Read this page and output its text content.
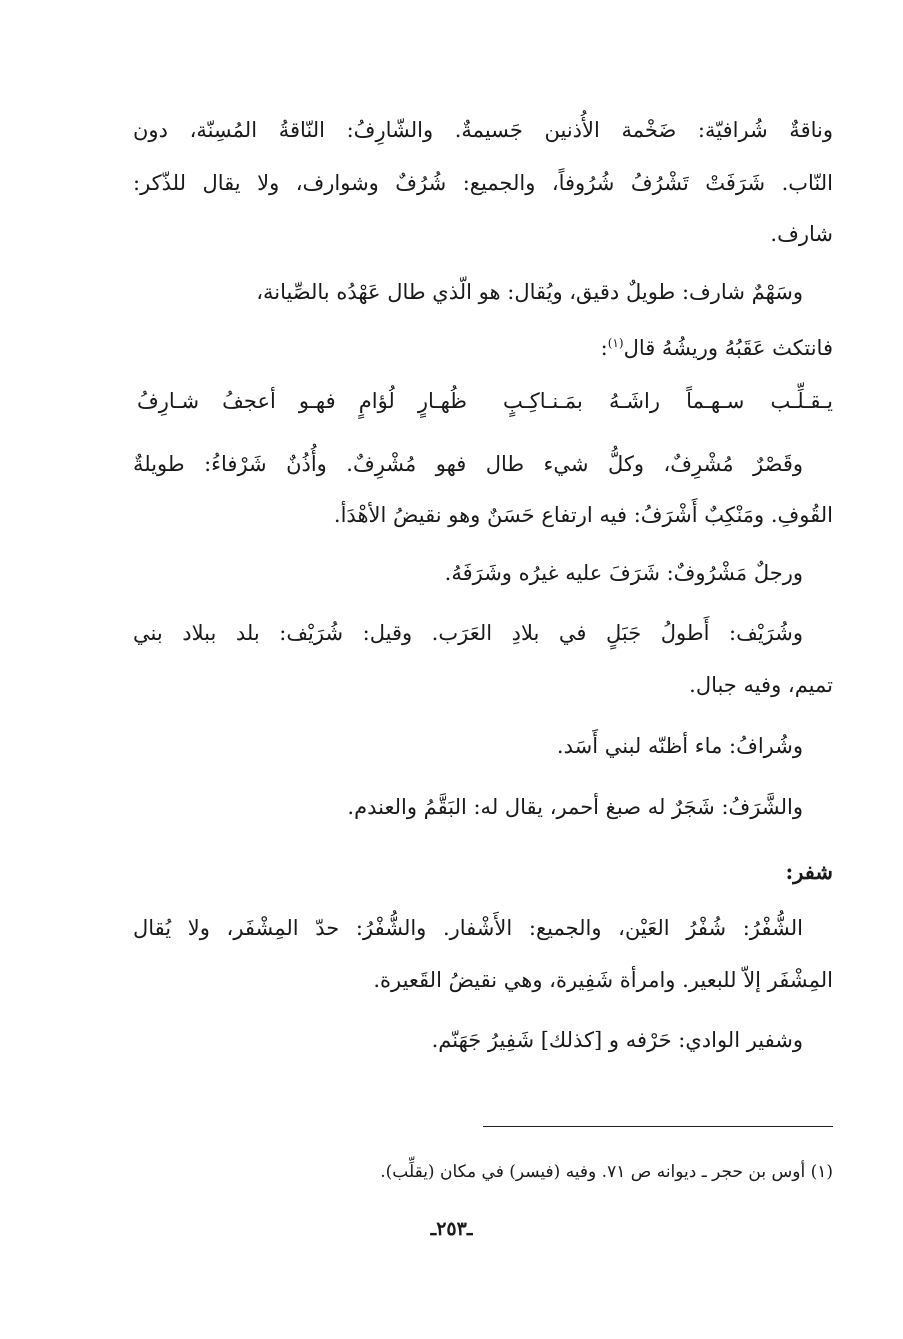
وناقةٌ شُرافيّة: ضَخْمة الأُذنين جَسيمةٌ. والشّارِفُ: النّاقةُ المُسِنّة، دون
النّاب. شَرَفَتْ تَشْرُفُ شُرُوفاً، والجميع: شُرُفٌ وشوارف، ولا يقال للذّكر:
شارف.
وسَهْمٌ شارف: طويلٌ دقيق، ويُقال: هو الّذي طال عَهْدُه بالصِّيانة،
فانتكث عَقَبُهُ وريشُهُ قال$^{(١)}$:
يـقـلِّـب سـهـماً راشَـهُ بمَـنـاكِـبٍ
ظُهـارٍ لُؤامٍ فهـو أعجفُ شـارِفُ
وقَصْرٌ مُشْرِفٌ، وكلُّ شيء طال فهو مُشْرِفٌ. وأُذُنٌ شَرْفاءُ: طويلةٌ
القُوفِ. ومَنْكِبٌ أَشْرَفُ: فيه ارتفاع حَسَنٌ وهو نقيضُ الأهْدَأ.
ورجلٌ مَشْرُوفٌ: شَرَفَ عليه غيرُه وشَرَفَهُ.
وشُرَيْف: أَطولُ جَبَلٍ في بلادِ العَرَب. وقيل: شُرَيْف: بلد ببلاد بني
تميم، وفيه جبال.
وشُرافُ: ماء أظنّه لبني أَسَد.
والشَّرَفُ: شَجَرٌ له صبغ أحمر، يقال له: البَقَّمُ والعندم.
شفر:
الشُّفْرُ: شُفْرُ العَيْن، والجميع: الأَشْفار. والشُّفْرُ: حدّ المِشْفَر، ولا يُقال
المِشْفَر إلاّ للبعير. وامرأة شَفِيرة، وهي نقيضُ القَعيرة.
وشفير الوادي: حَرْفه و [كذلك] شَفِيرُ جَهَنّم.
(١) أوس بن حجر ـ ديوانه ص ٧١. وفيه (فيسر) في مكان (يقلِّب).
ـ٢٥٣ـ
